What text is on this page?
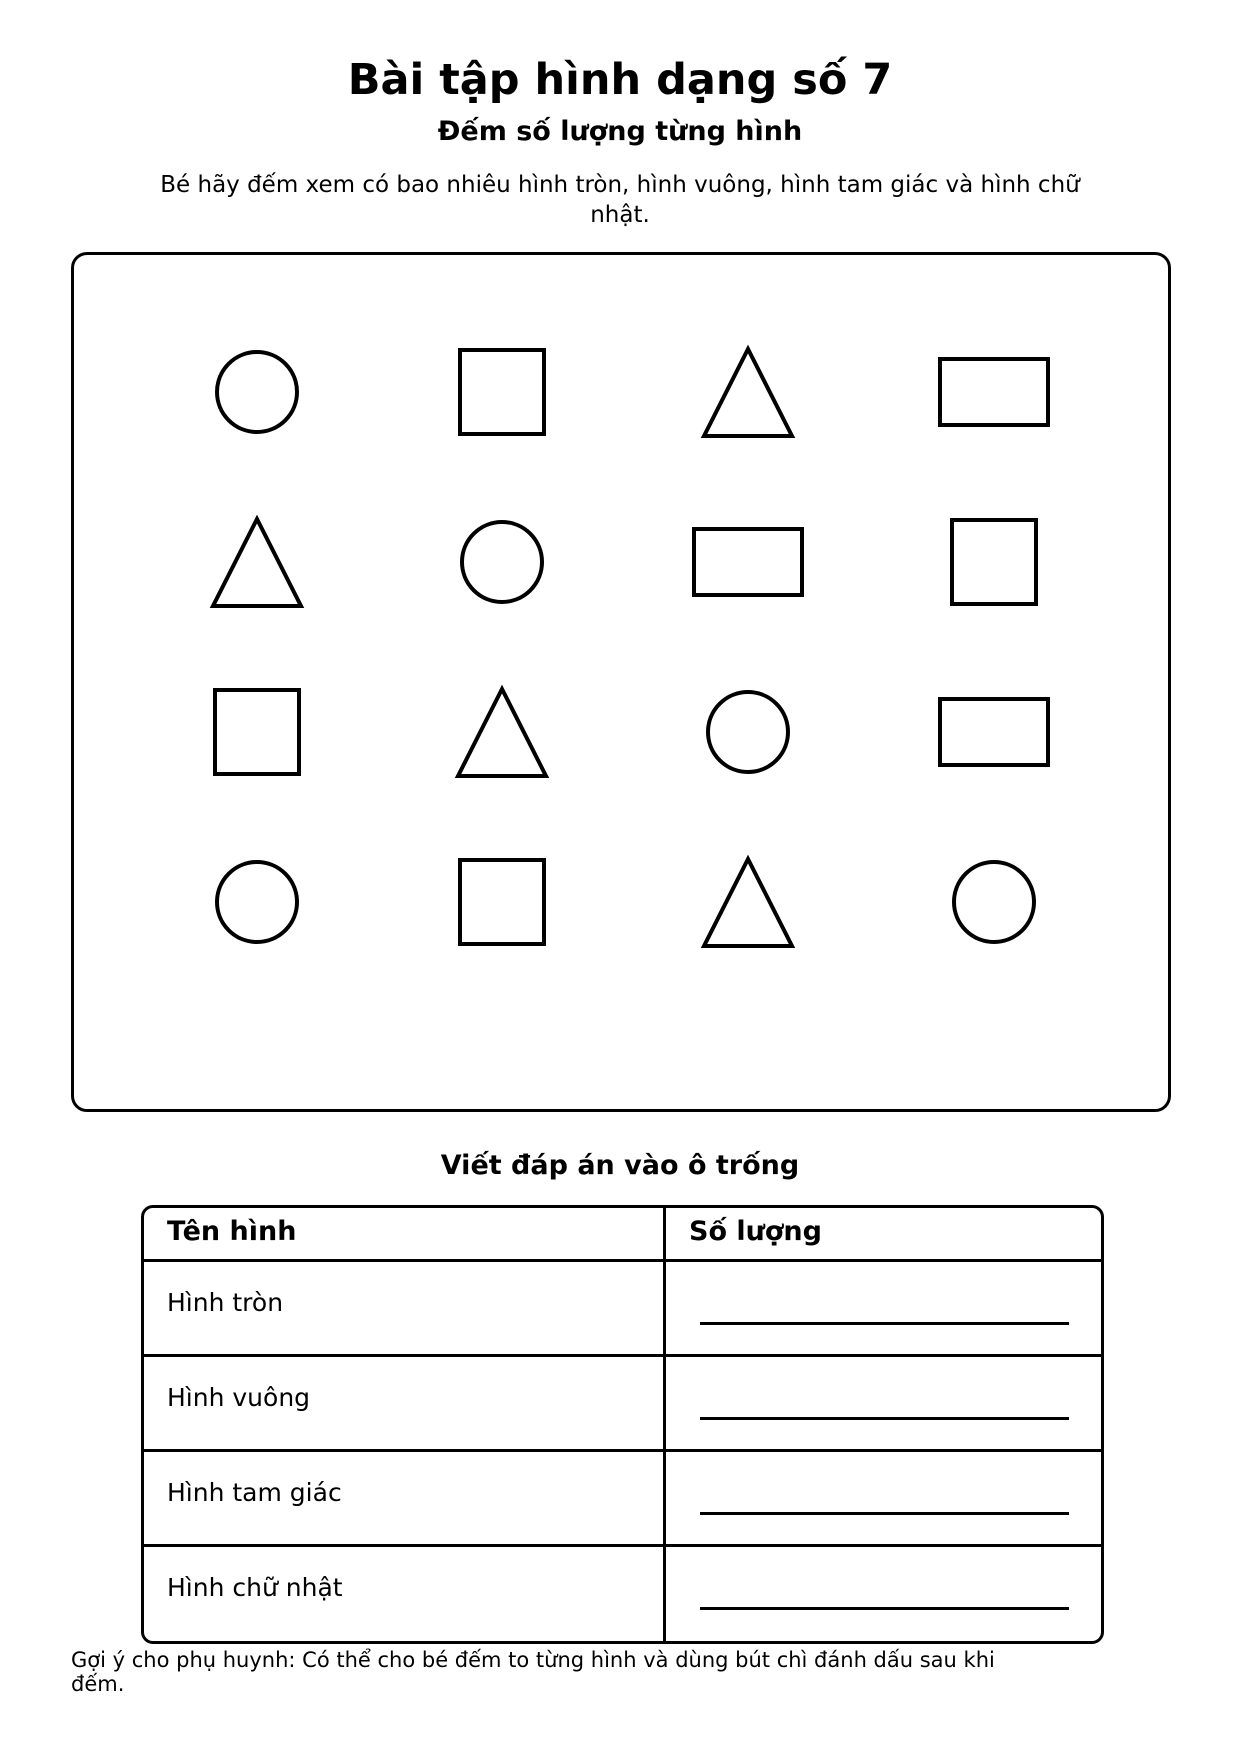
Bài tập hình dạng số 7
Đếm số lượng từng hình

Bé hãy đếm xem có bao nhiêu hình tròn, hình vuông, hình tam giác và hình chữ nhật.

Viết đáp án vào ô trống
Tên hình	Số lượng
Hình tròn
Hình vuông
Hình tam giác
Hình chữ nhật

Gợi ý cho phụ huynh: Có thể cho bé đếm to từng hình và dùng bút chì đánh dấu sau khi đếm.
